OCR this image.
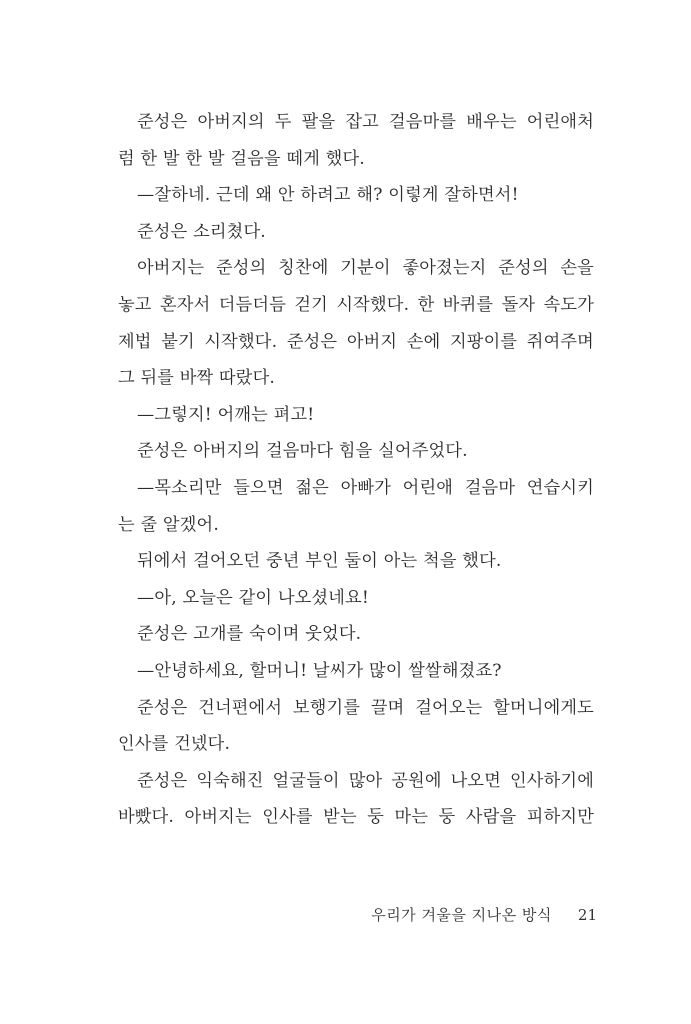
준성은 아버지의 두 팔을 잡고 걸음마를 배우는 어린애처
럼 한 발 한 발 걸음을 떼게 했다.
—잘하네. 근데 왜 안 하려고 해? 이렇게 잘하면서!
준성은 소리쳤다.
아버지는 준성의 칭찬에 기분이 좋아졌는지 준성의 손을
놓고 혼자서 더듬더듬 걷기 시작했다. 한 바퀴를 돌자 속도가
제법 붙기 시작했다. 준성은 아버지 손에 지팡이를 쥐여주며
그 뒤를 바짝 따랐다.
—그렇지! 어깨는 펴고!
준성은 아버지의 걸음마다 힘을 실어주었다.
—목소리만 들으면 젊은 아빠가 어린애 걸음마 연습시키
는 줄 알겠어.
뒤에서 걸어오던 중년 부인 둘이 아는 척을 했다.
—아, 오늘은 같이 나오셨네요!
준성은 고개를 숙이며 웃었다.
—안녕하세요, 할머니! 날씨가 많이 쌀쌀해졌죠?
준성은 건너편에서 보행기를 끌며 걸어오는 할머니에게도
인사를 건넸다.
준성은 익숙해진 얼굴들이 많아 공원에 나오면 인사하기에
바빴다. 아버지는 인사를 받는 둥 마는 둥 사람을 피하지만
우리가 겨울을 지나온 방식 21
